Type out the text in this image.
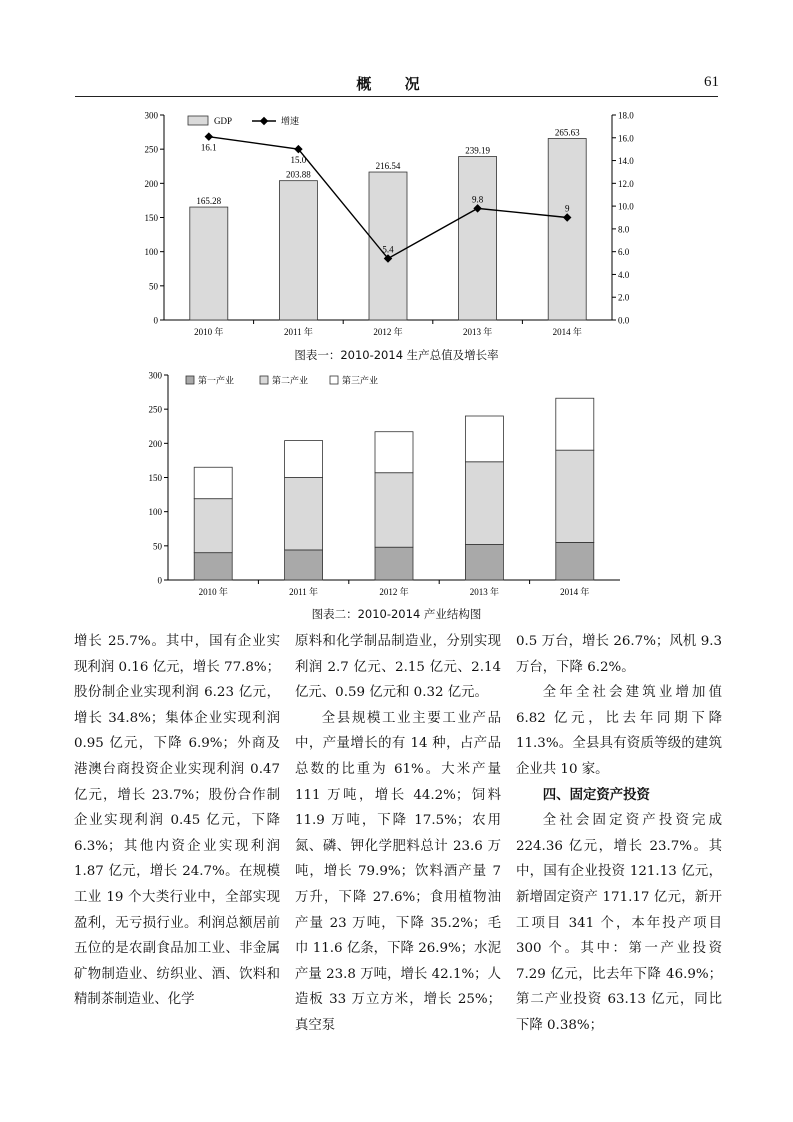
概 况	61
0
50
100
150
200
250
300
0.0
2.0
4.0
6.0
8.0
10.0
12.0
14.0
16.0
18.0
165.28
2010 年
203.88
2011 年
216.54
2012 年
239.19
2013 年
265.63
2014 年
16.1
15.0
5.4
9.8
9
GDP	增速
图表一：2010-2014 生产总值及增长率
0
50
100
150
200
250
300
2010 年	2011 年	2012 年	2013 年	2014 年
第一产业	第二产业	第三产业
图表二：2010-2014 产业结构图

增长 25.7%。其中，国有企业实现利润 0.16 亿元，增长 77.8%；股份制企业实现利润 6.23 亿元，增长 34.8%；集体企业实现利润 0.95 亿元，下降 6.9%；外商及港澳台商投资企业实现利润 0.47 亿元，增长 23.7%；股份合作制企业实现利润 0.45 亿元，下降 6.3%；其他内资企业实现利润 1.87 亿元，增长 24.7%。在规模工业 19 个大类行业中，全部实现盈利，无亏损行业。利润总额居前五位的是农副食品加工业、非金属矿物制造业、纺织业、酒、饮料和精制茶制造业、化学

原料和化学制品制造业，分别实现利润 2.7 亿元、2.15 亿元、2.14 亿元、0.59 亿元和 0.32 亿元。

全县规模工业主要工业产品中，产量增长的有 14 种，占产品总数的比重为 61%。大米产量 111 万吨，增长 44.2%；饲料 11.9 万吨，下降 17.5%；农用氮、磷、钾化学肥料总计 23.6 万吨，增长 79.9%；饮料酒产量 7 万升，下降 27.6%；食用植物油产量 23 万吨，下降 35.2%；毛巾 11.6 亿条，下降 26.9%；水泥产量 23.8 万吨，增长 42.1%；人造板 33 万立方米，增长 25%；真空泵

0.5 万台，增长 26.7%；风机 9.3 万台，下降 6.2%。

全年全社会建筑业增加值 6.82 亿元，比去年同期下降 11.3%。全县具有资质等级的建筑企业共 10 家。

四、固定资产投资

全社会固定资产投资完成 224.36 亿元，增长 23.7%。其中，国有企业投资 121.13 亿元，新增固定资产 171.17 亿元，新开工项目 341 个，本年投产项目 300 个。其中：第一产业投资 7.29 亿元，比去年下降 46.9%；第二产业投资 63.13 亿元，同比下降 0.38%；
